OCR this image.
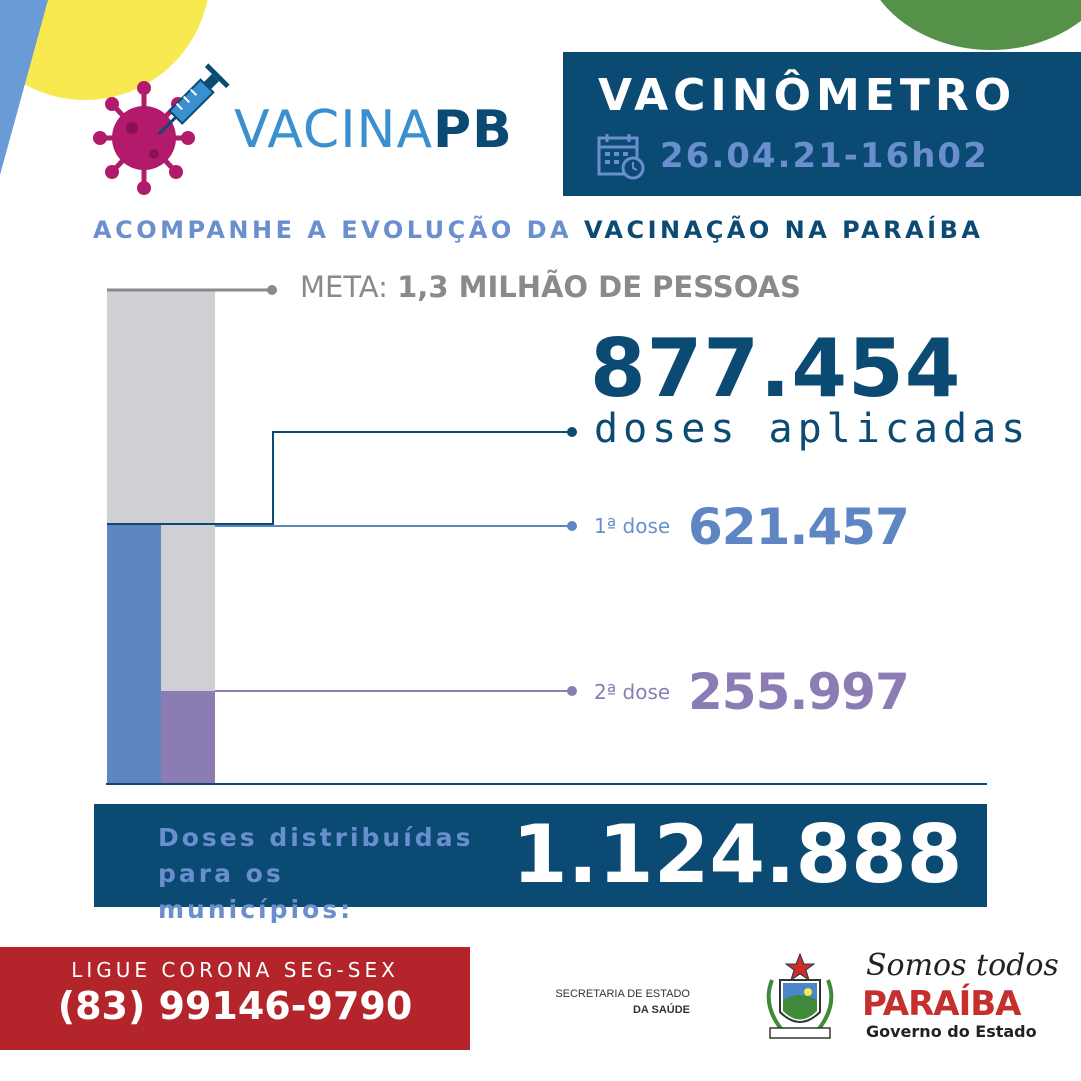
VACINAPB
VACINÔMETRO
26.04.21-16h02
ACOMPANHE A EVOLUÇÃO DA VACINAÇÃO NA PARAÍBA
META: 1,3 MILHÃO DE PESSOAS
877.454
doses aplicadas
1ª dose 621.457
2ª dose 255.997
Doses distribuídas
para os municípios:
1.124.888
LIGUE CORONA SEG-SEX
(83) 99146-9790	SECRETARIA DE ESTADO
DA SAÚDE
Somos todos
PARAÍBA
Governo do Estado
